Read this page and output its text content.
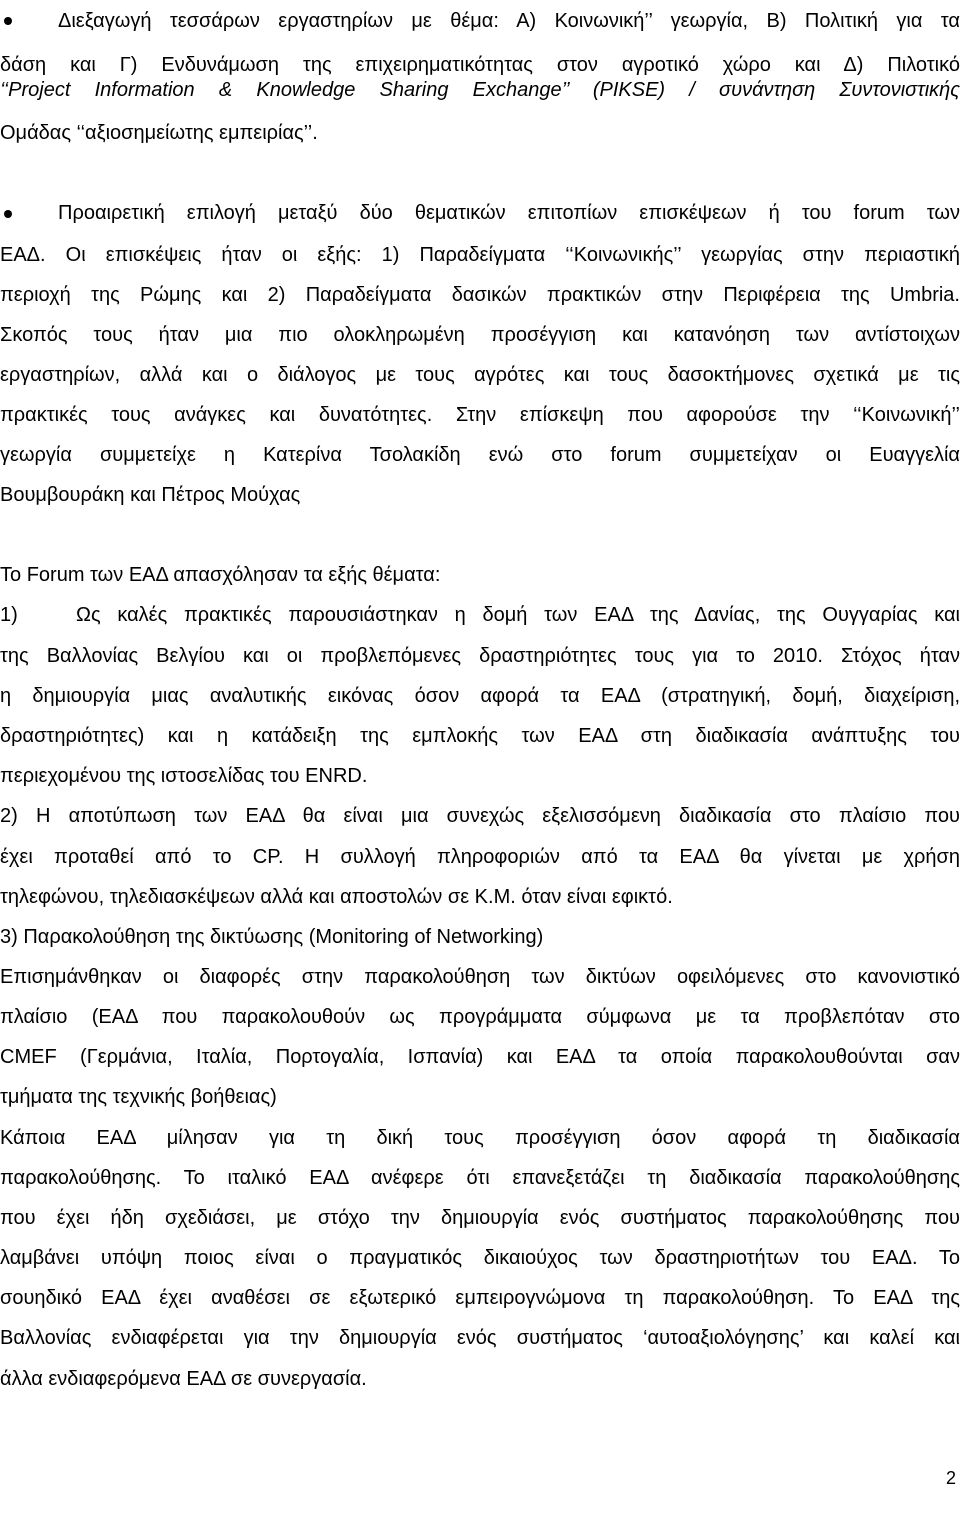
Διεξαγωγή τεσσάρων εργαστηρίων με θέμα: Α) Κοινωνική’’ γεωργία, Β) Πολιτική για τα
δάση και Γ) Ενδυνάμωση της επιχειρηματικότητας στον αγροτικό χώρο και Δ) Πιλοτικό
‘‘Project Information & Knowledge Sharing Exchange’’ (PIKSE) / συνάντηση Συντονιστικής
Ομάδας ‘‘αξιοσημείωτης εμπειρίας’’.
Προαιρετική επιλογή μεταξύ δύο θεματικών επιτοπίων επισκέψεων ή του forum των
ΕΑΔ. Οι επισκέψεις ήταν οι εξής: 1) Παραδείγματα ‘‘Κοινωνικής’’ γεωργίας στην περιαστική
περιοχή της Ρώμης και 2) Παραδείγματα δασικών πρακτικών στην Περιφέρεια της Umbria.
Σκοπός τους ήταν μια πιο ολοκληρωμένη προσέγγιση και κατανόηση των αντίστοιχων
εργαστηρίων, αλλά και ο διάλογος με τους αγρότες και τους δασοκτήμονες σχετικά με τις
πρακτικές τους ανάγκες και δυνατότητες. Στην επίσκεψη που αφορούσε την ‘‘Κοινωνική’’
γεωργία συμμετείχε η Κατερίνα Τσολακίδη ενώ στο forum συμμετείχαν οι Ευαγγελία
Βουμβουράκη και Πέτρος Μούχας
Το Forum των ΕΑΔ απασχόλησαν τα εξής θέματα:
1)	Ως καλές πρακτικές παρουσιάστηκαν η δομή των ΕΑΔ της Δανίας, της Ουγγαρίας και
της Βαλλονίας Βελγίου και οι προβλεπόμενες δραστηριότητες τους για το 2010. Στόχος ήταν
η δημιουργία μιας αναλυτικής εικόνας όσον αφορά τα ΕΑΔ (στρατηγική, δομή, διαχείριση,
δραστηριότητες) και η κατάδειξη της εμπλοκής των ΕΑΔ στη διαδικασία ανάπτυξης του
περιεχομένου της ιστοσελίδας του ENRD.
2) Η αποτύπωση των ΕΑΔ θα είναι μια συνεχώς εξελισσόμενη διαδικασία στο πλαίσιο που
έχει προταθεί από το CP. Η συλλογή πληροφοριών από τα ΕΑΔ θα γίνεται με χρήση
τηλεφώνου, τηλεδιασκέψεων αλλά και αποστολών σε Κ.Μ. όταν είναι εφικτό.
3) Παρακολούθηση της δικτύωσης (Monitoring of Networking)
Επισημάνθηκαν οι διαφορές στην παρακολούθηση των δικτύων οφειλόμενες στο κανονιστικό
πλαίσιο (ΕΑΔ που παρακολουθούν ως προγράμματα σύμφωνα με τα προβλεπόταν στο
CMEF (Γερμάνια, Ιταλία, Πορτογαλία, Ισπανία) και ΕΑΔ τα οποία παρακολουθούνται σαν
τμήματα της τεχνικής βοήθειας)
Κάποια ΕΑΔ μίλησαν για τη δική τους προσέγγιση όσον αφορά τη διαδικασία
παρακολούθησης. Το ιταλικό ΕΑΔ ανέφερε ότι επανεξετάζει τη διαδικασία παρακολούθησης
που έχει ήδη σχεδιάσει, με στόχο την δημιουργία ενός συστήματος παρακολούθησης που
λαμβάνει υπόψη ποιος είναι ο πραγματικός δικαιούχος των δραστηριοτήτων του ΕΑΔ. Το
σουηδικό ΕΑΔ έχει αναθέσει σε εξωτερικό εμπειρογνώμονα τη παρακολούθηση. Το ΕΑΔ της
Βαλλονίας ενδιαφέρεται για την δημιουργία ενός συστήματος ‘αυτοαξιολόγησης’ και καλεί και
άλλα ενδιαφερόμενα ΕΑΔ σε συνεργασία.
2
